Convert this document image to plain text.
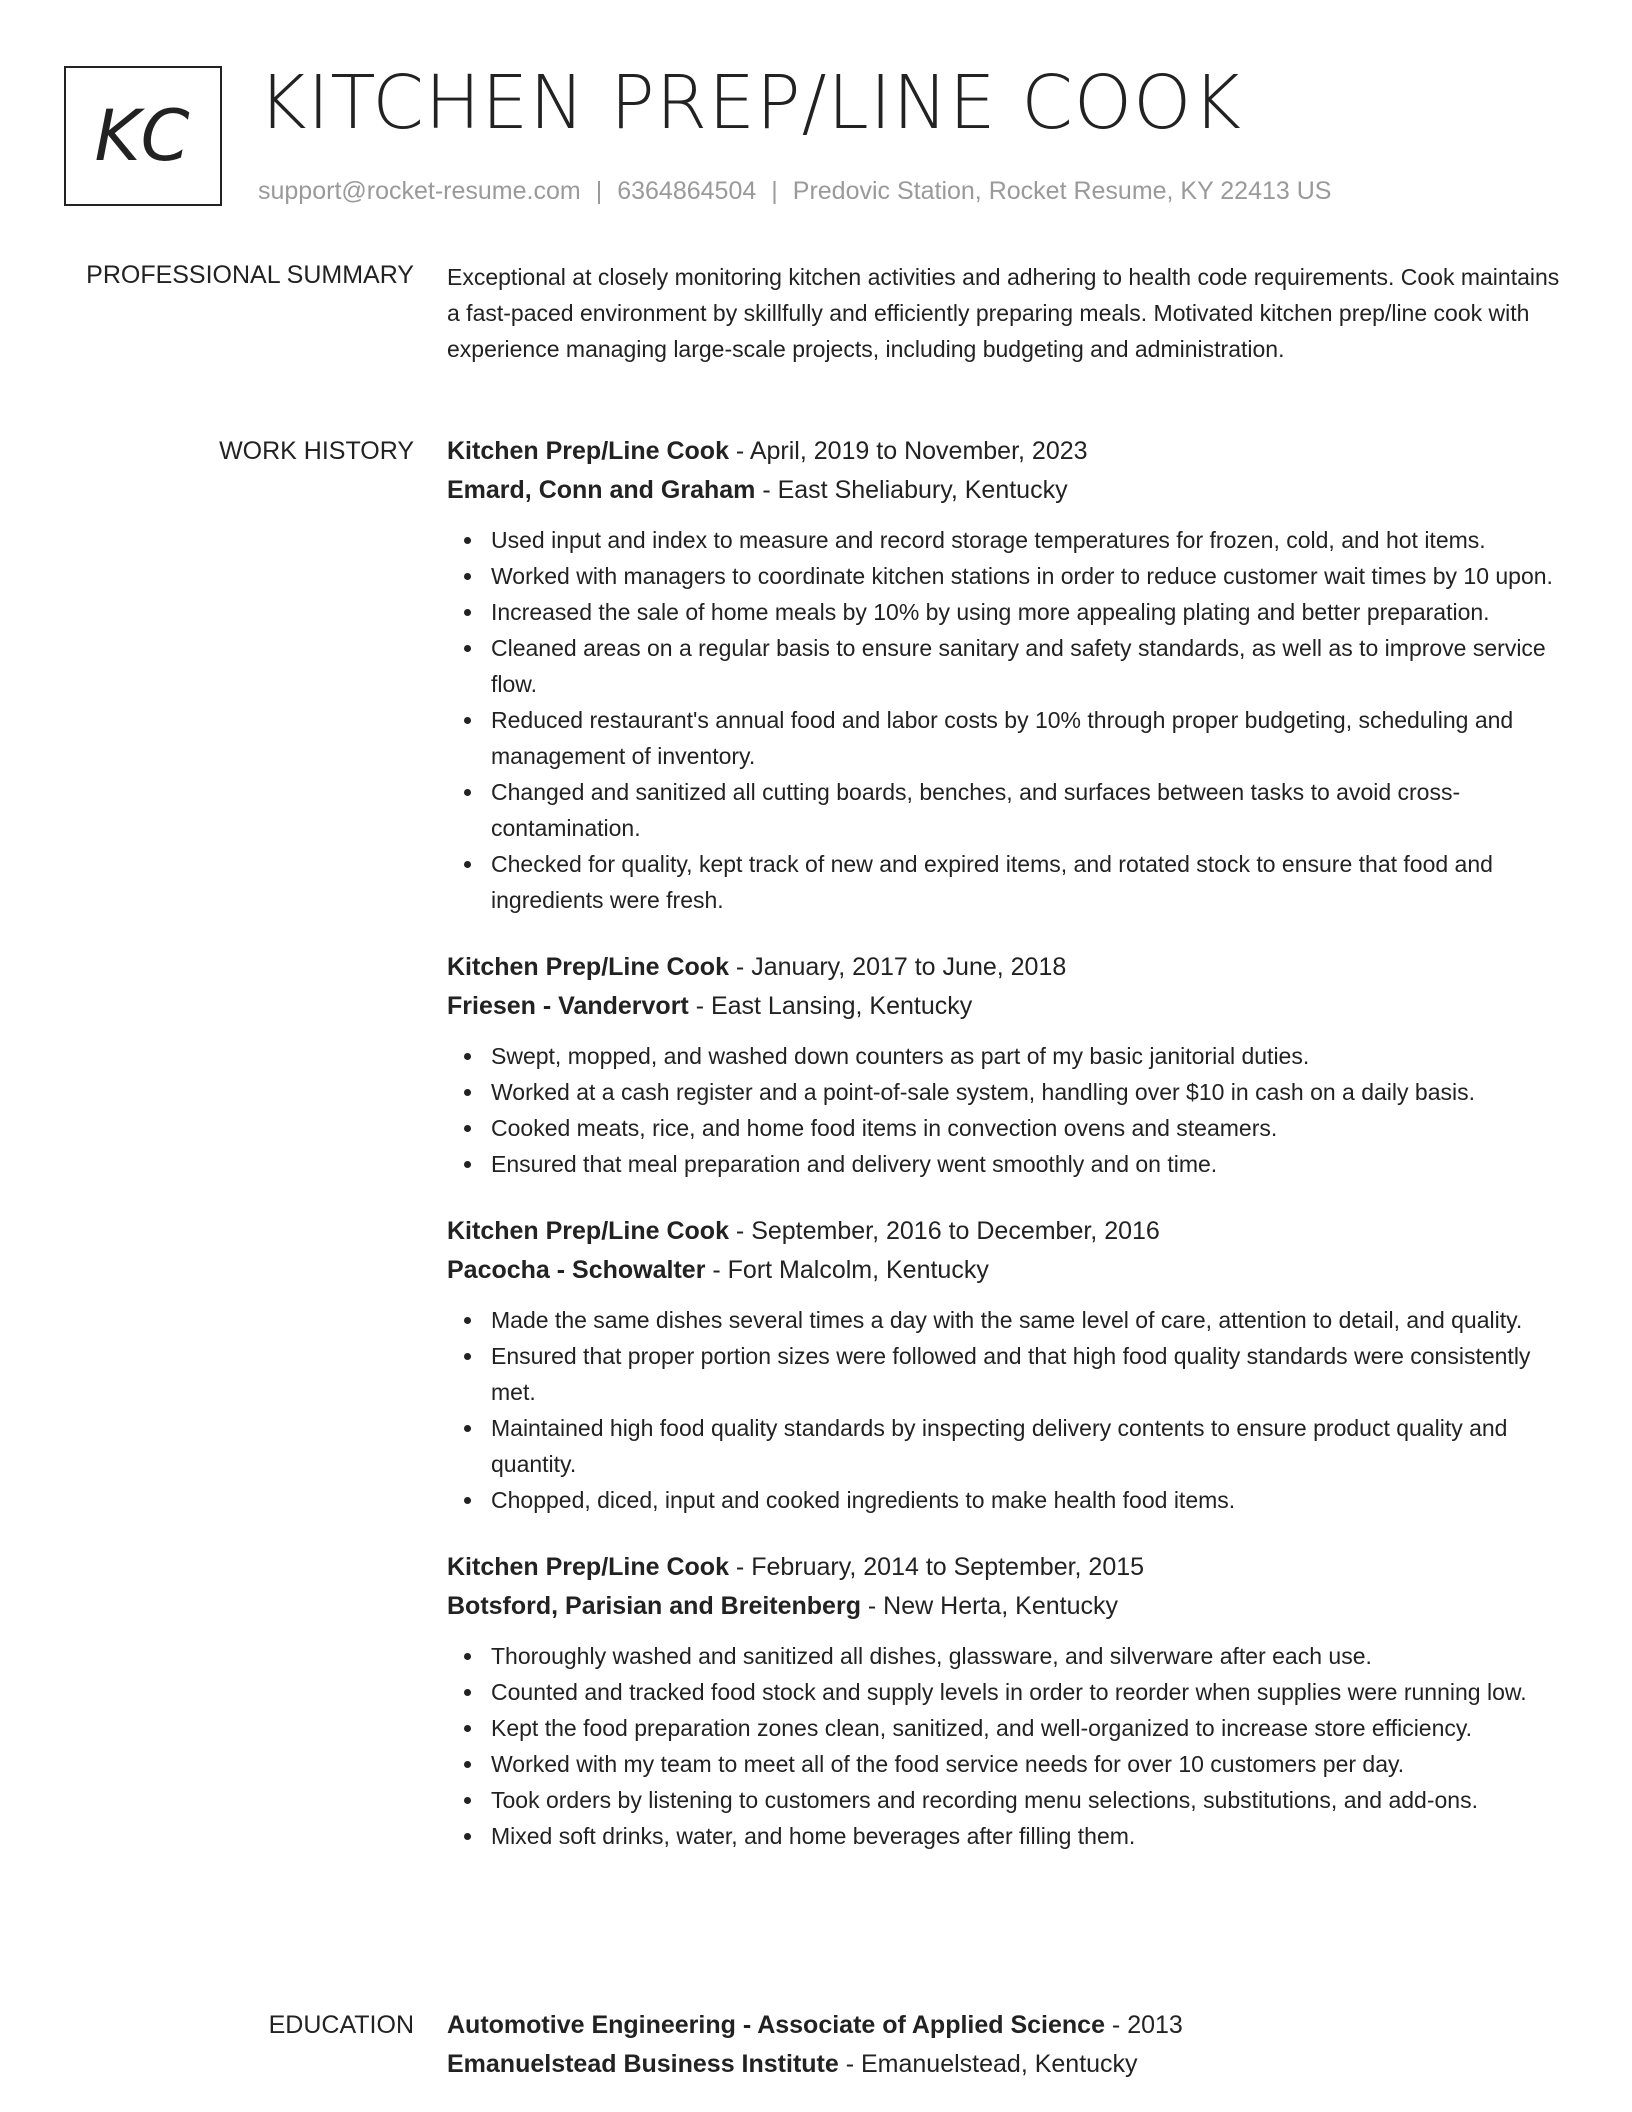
KC KITCHEN PREP/LINE COOK
support@rocket-resume.com | 6364864504 | Predovic Station, Rocket Resume, KY 22413 US
PROFESSIONAL SUMMARY Exceptional at closely monitoring kitchen activities and adhering to health code requirements. Cook maintains a fast-paced environment by skillfully and efficiently preparing meals. Motivated kitchen prep/line cook with experience managing large-scale projects, including budgeting and administration.

WORK HISTORY Kitchen Prep/Line Cook - April, 2019 to November, 2023
Emard, Conn and Graham - East Sheliabury, Kentucky
Used input and index to measure and record storage temperatures for frozen, cold, and hot items.
Worked with managers to coordinate kitchen stations in order to reduce customer wait times by 10 upon.
Increased the sale of home meals by 10% by using more appealing plating and better preparation.
Cleaned areas on a regular basis to ensure sanitary and safety standards, as well as to improve service flow.
Reduced restaurant's annual food and labor costs by 10% through proper budgeting, scheduling and management of inventory.
Changed and sanitized all cutting boards, benches, and surfaces between tasks to avoid cross-contamination.
Checked for quality, kept track of new and expired items, and rotated stock to ensure that food and ingredients were fresh.
Kitchen Prep/Line Cook - January, 2017 to June, 2018
Friesen - Vandervort - East Lansing, Kentucky
Swept, mopped, and washed down counters as part of my basic janitorial duties.
Worked at a cash register and a point-of-sale system, handling over $10 in cash on a daily basis.
Cooked meats, rice, and home food items in convection ovens and steamers.
Ensured that meal preparation and delivery went smoothly and on time.
Kitchen Prep/Line Cook - September, 2016 to December, 2016
Pacocha - Schowalter - Fort Malcolm, Kentucky
Made the same dishes several times a day with the same level of care, attention to detail, and quality.
Ensured that proper portion sizes were followed and that high food quality standards were consistently met.
Maintained high food quality standards by inspecting delivery contents to ensure product quality and quantity.
Chopped, diced, input and cooked ingredients to make health food items.
Kitchen Prep/Line Cook - February, 2014 to September, 2015
Botsford, Parisian and Breitenberg - New Herta, Kentucky
Thoroughly washed and sanitized all dishes, glassware, and silverware after each use.
Counted and tracked food stock and supply levels in order to reorder when supplies were running low.
Kept the food preparation zones clean, sanitized, and well-organized to increase store efficiency.
Worked with my team to meet all of the food service needs for over 10 customers per day.
Took orders by listening to customers and recording menu selections, substitutions, and add-ons.
Mixed soft drinks, water, and home beverages after filling them.
EDUCATION Automotive Engineering - Associate of Applied Science - 2013
Emanuelstead Business Institute - Emanuelstead, Kentucky
